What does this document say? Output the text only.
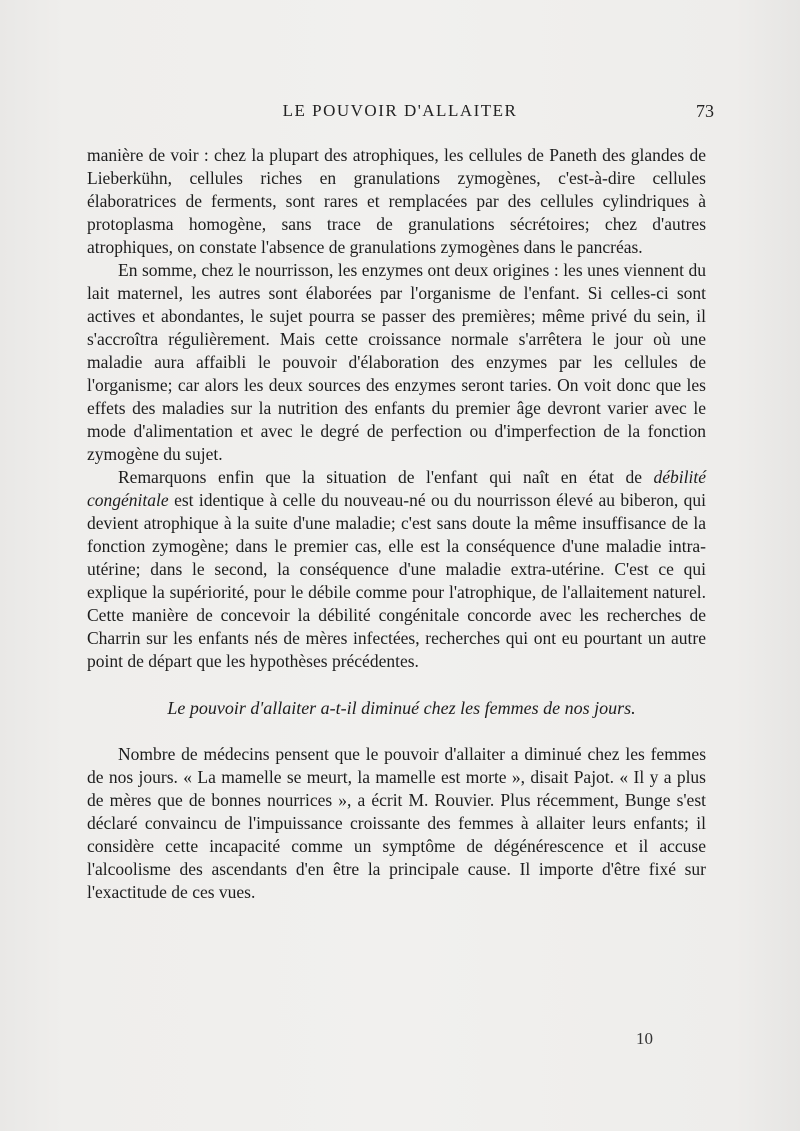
LE POUVOIR D'ALLAITER	73

manière de voir : chez la plupart des atrophiques, les cellules de Paneth des glandes de Lieberkühn, cellules riches en granulations zymogènes, c'est-à-dire cellules élaboratrices de ferments, sont rares et remplacées par des cellules cylindriques à protoplasma homogène, sans trace de granulations sécrétoires; chez d'autres atrophiques, on constate l'absence de granulations zymogènes dans le pancréas.

En somme, chez le nourrisson, les enzymes ont deux origines : les unes viennent du lait maternel, les autres sont élaborées par l'organisme de l'enfant. Si celles-ci sont actives et abondantes, le sujet pourra se passer des premières; même privé du sein, il s'accroîtra régulièrement. Mais cette croissance normale s'arrêtera le jour où une maladie aura affaibli le pouvoir d'élaboration des enzymes par les cellules de l'organisme; car alors les deux sources des enzymes seront taries. On voit donc que les effets des maladies sur la nutrition des enfants du premier âge devront varier avec le mode d'alimentation et avec le degré de perfection ou d'imperfection de la fonction zymogène du sujet.

Remarquons enfin que la situation de l'enfant qui naît en état de débilité congénitale est identique à celle du nouveau-né ou du nourrisson élevé au biberon, qui devient atrophique à la suite d'une maladie; c'est sans doute la même insuffisance de la fonction zymogène; dans le premier cas, elle est la conséquence d'une maladie intra-utérine; dans le second, la conséquence d'une maladie extra-utérine. C'est ce qui explique la supériorité, pour le débile comme pour l'atrophique, de l'allaitement naturel. Cette manière de concevoir la débilité congénitale concorde avec les recherches de Charrin sur les enfants nés de mères infectées, recherches qui ont eu pourtant un autre point de départ que les hypothèses précédentes.

Le pouvoir d'allaiter a-t-il diminué chez les femmes de nos jours.

Nombre de médecins pensent que le pouvoir d'allaiter a diminué chez les femmes de nos jours. « La mamelle se meurt, la mamelle est morte », disait Pajot. « Il y a plus de mères que de bonnes nourrices », a écrit M. Rouvier. Plus récemment, Bunge s'est déclaré convaincu de l'impuissance croissante des femmes à allaiter leurs enfants; il considère cette incapacité comme un symptôme de dégénérescence et il accuse l'alcoolisme des ascendants d'en être la principale cause. Il importe d'être fixé sur l'exactitude de ces vues.

10
